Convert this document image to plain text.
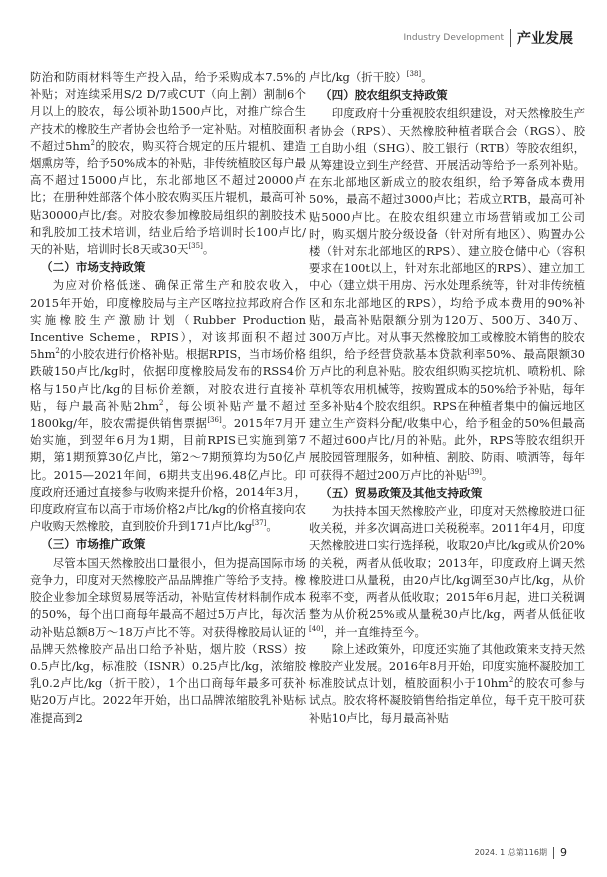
Industry Development 产业发展

防治和防雨材料等生产投入品，给予采购成本7.5%的补贴；对连续采用S/2 D/7或CUT（向上割）割制6个月以上的胶农，每公顷补助1500卢比，对推广综合生产技术的橡胶生产者协会也给予一定补贴。对植胶面积不超过$5hm^2$的胶农，购买符合规定的压片辊机、建造烟熏房等，给予50%成本的补贴，非传统植胶区每户最高不超过15000卢比，东北部地区不超过20000卢比；在册种姓部落个体小胶农购买压片辊机，最高可补贴30000卢比/套。对胶农参加橡胶局组织的割胶技术和乳胶加工技术培训，结业后给予培训时长100卢比/天的补贴，培训时长8天或30天[35]。

（二）市场支持政策

为应对价格低迷、确保正常生产和胶农收入，2015年开始，印度橡胶局与主产区喀拉拉邦政府合作实施橡胶生产激励计划（Rubber Production Incentive Scheme，RPIS），对该邦面积不超过$5hm^2$的小胶农进行价格补贴。根据RPIS，当市场价格跌破150卢比/kg时，依据印度橡胶局发布的RSS4价格与150卢比/kg的目标价差额，对胶农进行直接补贴，每户最高补贴$2hm^2$，每公顷补贴产量不超过1800kg/年，胶农需提供销售票据[36]。2015年7月开始实施，到翌年6月为1期，目前RPIS已实施到第7期，第1期预算30亿卢比，第2～7期预算均为50亿卢比。2015—2021年间，6期共支出96.48亿卢比。印度政府还通过直接参与收购来提升价格，2014年3月，印度政府宣布以高于市场价格2卢比/kg的价格直接向农户收购天然橡胶，直到胶价升到171卢比/kg[37]。

（三）市场推广政策

尽管本国天然橡胶出口量很小，但为提高国际市场竞争力，印度对天然橡胶产品品牌推广等给予支持。橡胶企业参加全球贸易展等活动，补贴宣传材料制作成本的50%，每个出口商每年最高不超过5万卢比，每次活动补贴总额8万～18万卢比不等。对获得橡胶局认证的品牌天然橡胶产品出口给予补贴，烟片胶（RSS）按0.5卢比/kg，标准胶（ISNR）0.25卢比/kg，浓缩胶乳0.2卢比/kg（折干胶），1个出口商每年最多可获补贴20万卢比。2022年开始，出口品牌浓缩胶乳补贴标准提高到2

卢比/kg（折干胶）[38]。

（四）胶农组织支持政策

印度政府十分重视胶农组织建设，对天然橡胶生产者协会（RPS）、天然橡胶种植者联合会（RGS）、胶工自助小组（SHG）、胶工银行（RTB）等胶农组织，从筹建设立到生产经营、开展活动等给予一系列补贴。在东北部地区新成立的胶农组织，给予筹备成本费用50%，最高不超过3000卢比；若成立RTB，最高可补贴5000卢比。在胶农组织建立市场营销或加工公司时，购买烟片胶分级设备（针对所有地区）、购置办公楼（针对东北部地区的RPS）、建立胶仓储中心（容积要求在100t以上，针对东北部地区的RPS）、建立加工中心（建立烘干用房、污水处理系统等，针对非传统植区和东北部地区的RPS），均给予成本费用的90%补贴，最高补贴限额分别为120万、500万、340万、300万卢比。对从事天然橡胶加工或橡胶木销售的胶农组织，给予经营贷款基本贷款利率50%、最高限额30万卢比的利息补贴。胶农组织购买挖坑机、喷粉机、除草机等农用机械等，按购置成本的50%给予补贴，每年至多补贴4个胶农组织。RPS在种植者集中的偏远地区建立生产资料分配/收集中心，给予租金的50%但最高不超过600卢比/月的补贴。此外，RPS等胶农组织开展胶园管理服务，如种植、割胶、防雨、喷洒等，每年可获得不超过200万卢比的补贴[39]。

（五）贸易政策及其他支持政策

为扶持本国天然橡胶产业，印度对天然橡胶进口征收关税，并多次调高进口关税税率。2011年4月，印度天然橡胶进口实行选择税，收取20卢比/kg或从价20%的关税，两者从低收取；2013年，印度政府上调天然橡胶进口从量税，由20卢比/kg调至30卢比/kg，从价税率不变，两者从低收取；2015年6月起，进口关税调整为从价税25%或从量税30卢比/kg，两者从低征收[40]，并一直维持至今。

除上述政策外，印度还实施了其他政策来支持天然橡胶产业发展。2016年8月开始，印度实施杯凝胶加工标准胶试点计划，植胶面积小于$10hm^2$的胶农可参与试点。胶农将杯凝胶销售给指定单位，每千克干胶可获补贴10卢比，每月最高补贴

2024. 1 总第116期 9
